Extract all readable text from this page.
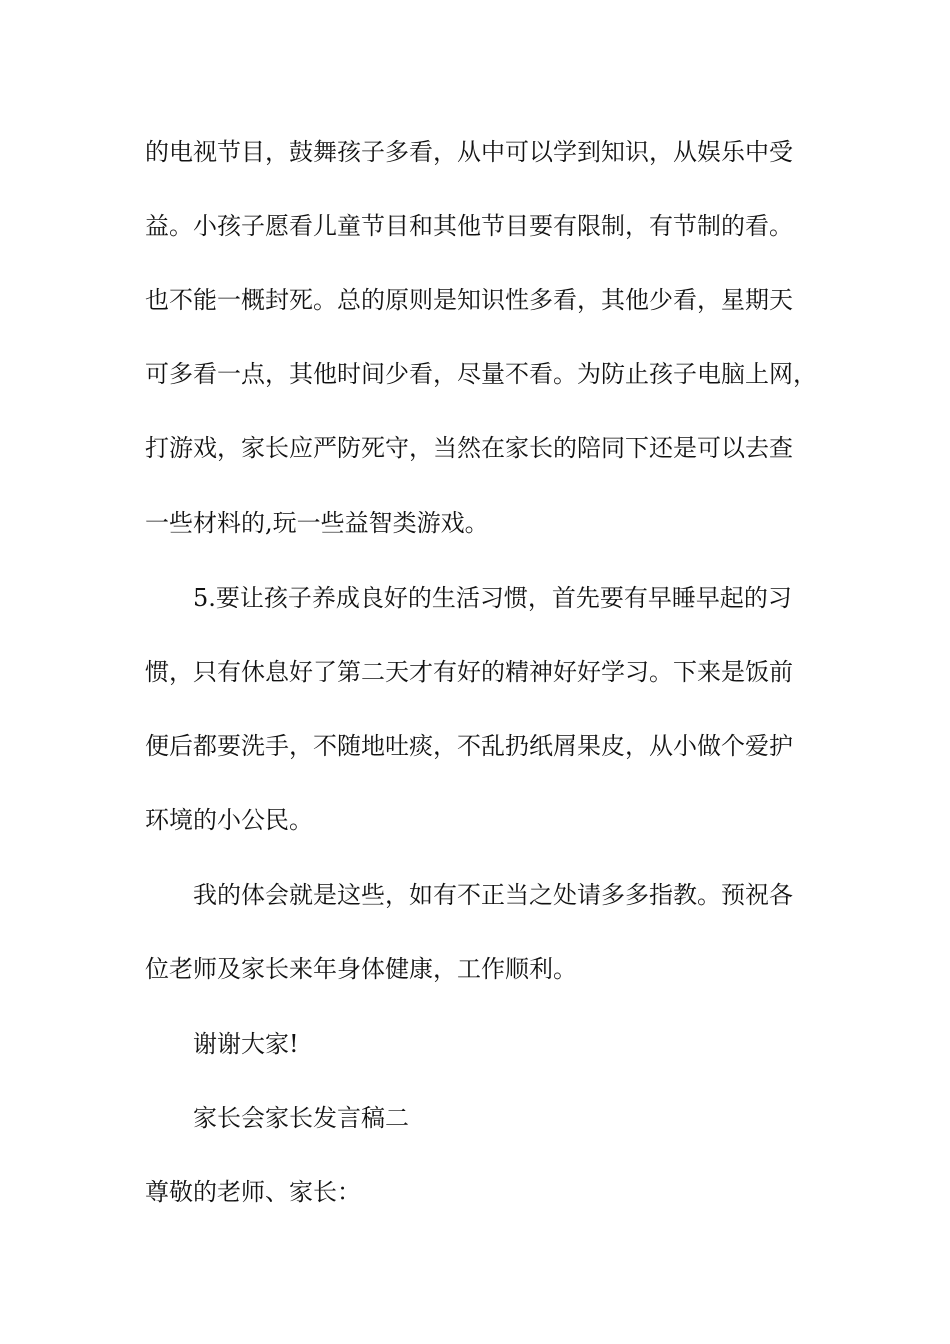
的电视节目，鼓舞孩子多看，从中可以学到知识，从娱乐中受

益。小孩子愿看儿童节目和其他节目要有限制，有节制的看。

也不能一概封死。总的原则是知识性多看，其他少看，星期天

可多看一点，其他时间少看，尽量不看。为防止孩子电脑上网，

打游戏，家长应严防死守，当然在家长的陪同下还是可以去查

一些材料的,玩一些益智类游戏。

5.要让孩子养成良好的生活习惯，首先要有早睡早起的习

惯，只有休息好了第二天才有好的精神好好学习。下来是饭前

便后都要洗手，不随地吐痰，不乱扔纸屑果皮，从小做个爱护

环境的小公民。

我的体会就是这些，如有不正当之处请多多指教。预祝各

位老师及家长来年身体健康，工作顺利。

谢谢大家!

家长会家长发言稿二

尊敬的老师、家长：
